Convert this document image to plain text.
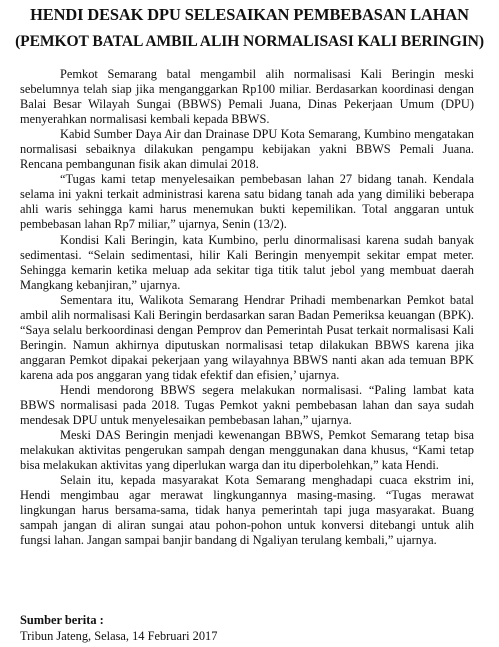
HENDI DESAK DPU SELESAIKAN PEMBEBASAN LAHAN
(PEMKOT BATAL AMBIL ALIH NORMALISASI KALI BERINGIN)

Pemkot Semarang batal mengambil alih normalisasi Kali Beringin meski sebelumnya telah siap jika menganggarkan Rp100 miliar. Berdasarkan koordinasi dengan Balai Besar Wilayah Sungai (BBWS) Pemali Juana, Dinas Pekerjaan Umum (DPU) menyerahkan normalisasi kembali kepada BBWS.

Kabid Sumber Daya Air dan Drainase DPU Kota Semarang, Kumbino mengatakan normalisasi sebaiknya dilakukan pengampu kebijakan yakni BBWS Pemali Juana. Rencana pembangunan fisik akan dimulai 2018.

“Tugas kami tetap menyelesaikan pembebasan lahan 27 bidang tanah. Kendala selama ini yakni terkait administrasi karena satu bidang tanah ada yang dimiliki beberapa ahli waris sehingga kami harus menemukan bukti kepemilikan. Total anggaran untuk pembebasan lahan Rp7 miliar,” ujarnya, Senin (13/2).

Kondisi Kali Beringin, kata Kumbino, perlu dinormalisasi karena sudah banyak sedimentasi. “Selain sedimentasi, hilir Kali Beringin menyempit sekitar empat meter. Sehingga kemarin ketika meluap ada sekitar tiga titik talut jebol yang membuat daerah Mangkang kebanjiran,” ujarnya.

Sementara itu, Walikota Semarang Hendrar Prihadi membenarkan Pemkot batal ambil alih normalisasi Kali Beringin berdasarkan saran Badan Pemeriksa keuangan (BPK). “Saya selalu berkoordinasi dengan Pemprov dan Pemerintah Pusat terkait normalisasi Kali Beringin. Namun akhirnya diputuskan normalisasi tetap dilakukan BBWS karena jika anggaran Pemkot dipakai pekerjaan yang wilayahnya BBWS nanti akan ada temuan BPK karena ada pos anggaran yang tidak efektif dan efisien,’ ujarnya.

Hendi mendorong BBWS segera melakukan normalisasi. “Paling lambat kata BBWS normalisasi pada 2018. Tugas Pemkot yakni pembebasan lahan dan saya sudah mendesak DPU untuk menyelesaikan pembebasan lahan,” ujarnya.

Meski DAS Beringin menjadi kewenangan BBWS, Pemkot Semarang tetap bisa melakukan aktivitas pengerukan sampah dengan menggunakan dana khusus, “Kami tetap bisa melakukan aktivitas yang diperlukan warga dan itu diperbolehkan,” kata Hendi.

Selain itu, kepada masyarakat Kota Semarang menghadapi cuaca ekstrim ini, Hendi mengimbau agar merawat lingkungannya masing-masing. “Tugas merawat lingkungan harus bersama-sama, tidak hanya pemerintah tapi juga masyarakat. Buang sampah jangan di aliran sungai atau pohon-pohon untuk konversi ditebangi untuk alih fungsi lahan. Jangan sampai banjir bandang di Ngaliyan terulang kembali,” ujarnya.

Sumber berita :
Tribun Jateng, Selasa, 14 Februari 2017
